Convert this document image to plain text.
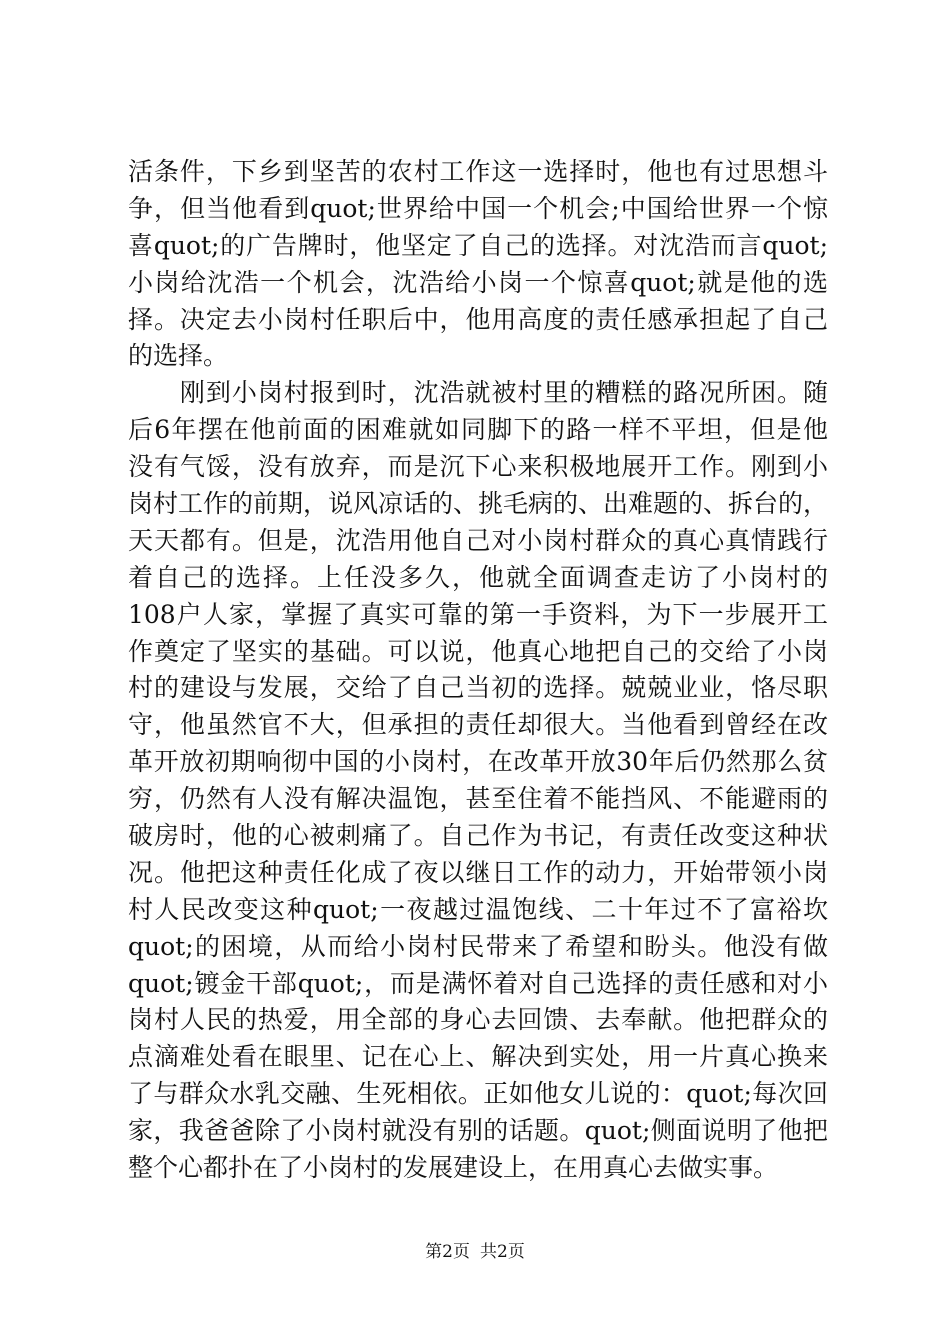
活条件，下乡到坚苦的农村工作这一选择时，他也有过思想斗
争，但当他看到quot;世界给中国一个机会;中国给世界一个惊
喜quot;的广告牌时，他坚定了自己的选择。对沈浩而言quot;
小岗给沈浩一个机会，沈浩给小岗一个惊喜quot;就是他的选
择。决定去小岗村任职后中，他用高度的责任感承担起了自己
的选择。
　　刚到小岗村报到时，沈浩就被村里的糟糕的路况所困。随
后6年摆在他前面的困难就如同脚下的路一样不平坦，但是他
没有气馁，没有放弃，而是沉下心来积极地展开工作。刚到小
岗村工作的前期，说风凉话的、挑毛病的、出难题的、拆台的，
天天都有。但是，沈浩用他自己对小岗村群众的真心真情践行
着自己的选择。上任没多久，他就全面调查走访了小岗村的
108户人家，掌握了真实可靠的第一手资料，为下一步展开工
作奠定了坚实的基础。可以说，他真心地把自己的交给了小岗
村的建设与发展，交给了自己当初的选择。兢兢业业，恪尽职
守，他虽然官不大，但承担的责任却很大。当他看到曾经在改
革开放初期响彻中国的小岗村，在改革开放30年后仍然那么贫
穷，仍然有人没有解决温饱，甚至住着不能挡风、不能避雨的
破房时，他的心被刺痛了。自己作为书记，有责任改变这种状
况。他把这种责任化成了夜以继日工作的动力，开始带领小岗
村人民改变这种quot;一夜越过温饱线、二十年过不了富裕坎
quot;的困境，从而给小岗村民带来了希望和盼头。他没有做
quot;镀金干部quot;，而是满怀着对自己选择的责任感和对小
岗村人民的热爱，用全部的身心去回馈、去奉献。他把群众的
点滴难处看在眼里、记在心上、解决到实处，用一片真心换来
了与群众水乳交融、生死相依。正如他女儿说的：quot;每次回
家，我爸爸除了小岗村就没有别的话题。quot;侧面说明了他把
整个心都扑在了小岗村的发展建设上，在用真心去做实事。
第2页 共2页
